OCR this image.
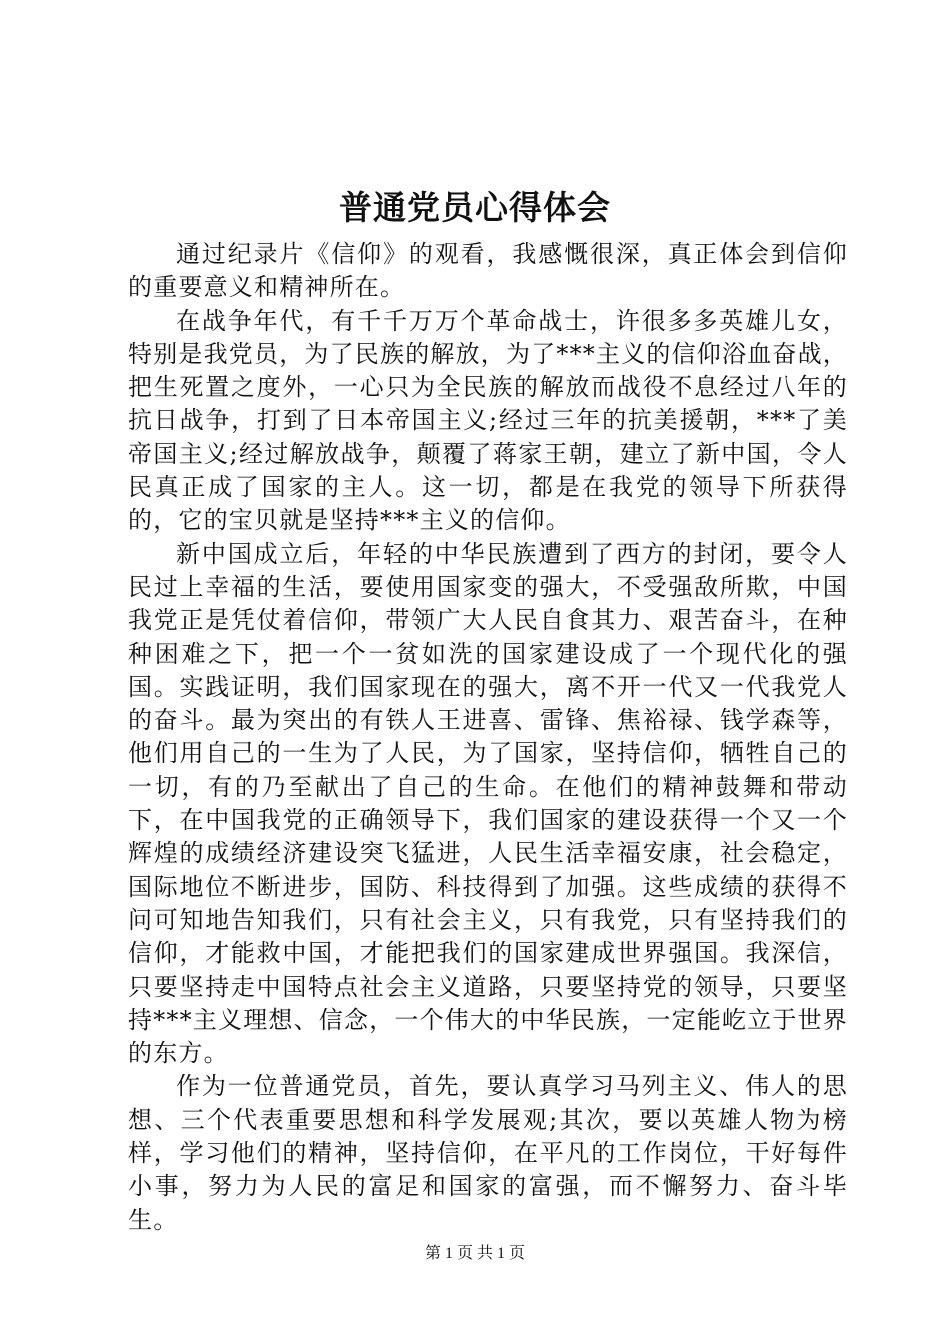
普通党员心得体会

通过纪录片《信仰》的观看，我感慨很深，真正体会到信仰的重要意义和精神所在。

在战争年代，有千千万万个革命战士，许很多多英雄儿女，特别是我党员，为了民族的解放，为了***主义的信仰浴血奋战，把生死置之度外，一心只为全民族的解放而战役不息经过八年的抗日战争，打到了日本帝国主义;经过三年的抗美援朝，***了美帝国主义;经过解放战争，颠覆了蒋家王朝，建立了新中国，令人民真正成了国家的主人。这一切，都是在我党的领导下所获得的，它的宝贝就是坚持***主义的信仰。

新中国成立后，年轻的中华民族遭到了西方的封闭，要令人民过上幸福的生活，要使用国家变的强大，不受强敌所欺，中国我党正是凭仗着信仰，带领广大人民自食其力、艰苦奋斗，在种种困难之下，把一个一贫如洗的国家建设成了一个现代化的强国。实践证明，我们国家现在的强大，离不开一代又一代我党人的奋斗。最为突出的有铁人王进喜、雷锋、焦裕禄、钱学森等，他们用自己的一生为了人民，为了国家，坚持信仰，牺牲自己的一切，有的乃至献出了自己的生命。在他们的精神鼓舞和带动下，在中国我党的正确领导下，我们国家的建设获得一个又一个辉煌的成绩经济建设突飞猛进，人民生活幸福安康，社会稳定，国际地位不断进步，国防、科技得到了加强。这些成绩的获得不问可知地告知我们，只有社会主义，只有我党，只有坚持我们的信仰，才能救中国，才能把我们的国家建成世界强国。我深信，只要坚持走中国特点社会主义道路，只要坚持党的领导，只要坚持***主义理想、信念，一个伟大的中华民族，一定能屹立于世界的东方。

作为一位普通党员，首先，要认真学习马列主义、伟人的思想、三个代表重要思想和科学发展观;其次，要以英雄人物为榜样，学习他们的精神，坚持信仰，在平凡的工作岗位，干好每件小事，努力为人民的富足和国家的富强，而不懈努力、奋斗毕生。

第 1 页 共 1 页
